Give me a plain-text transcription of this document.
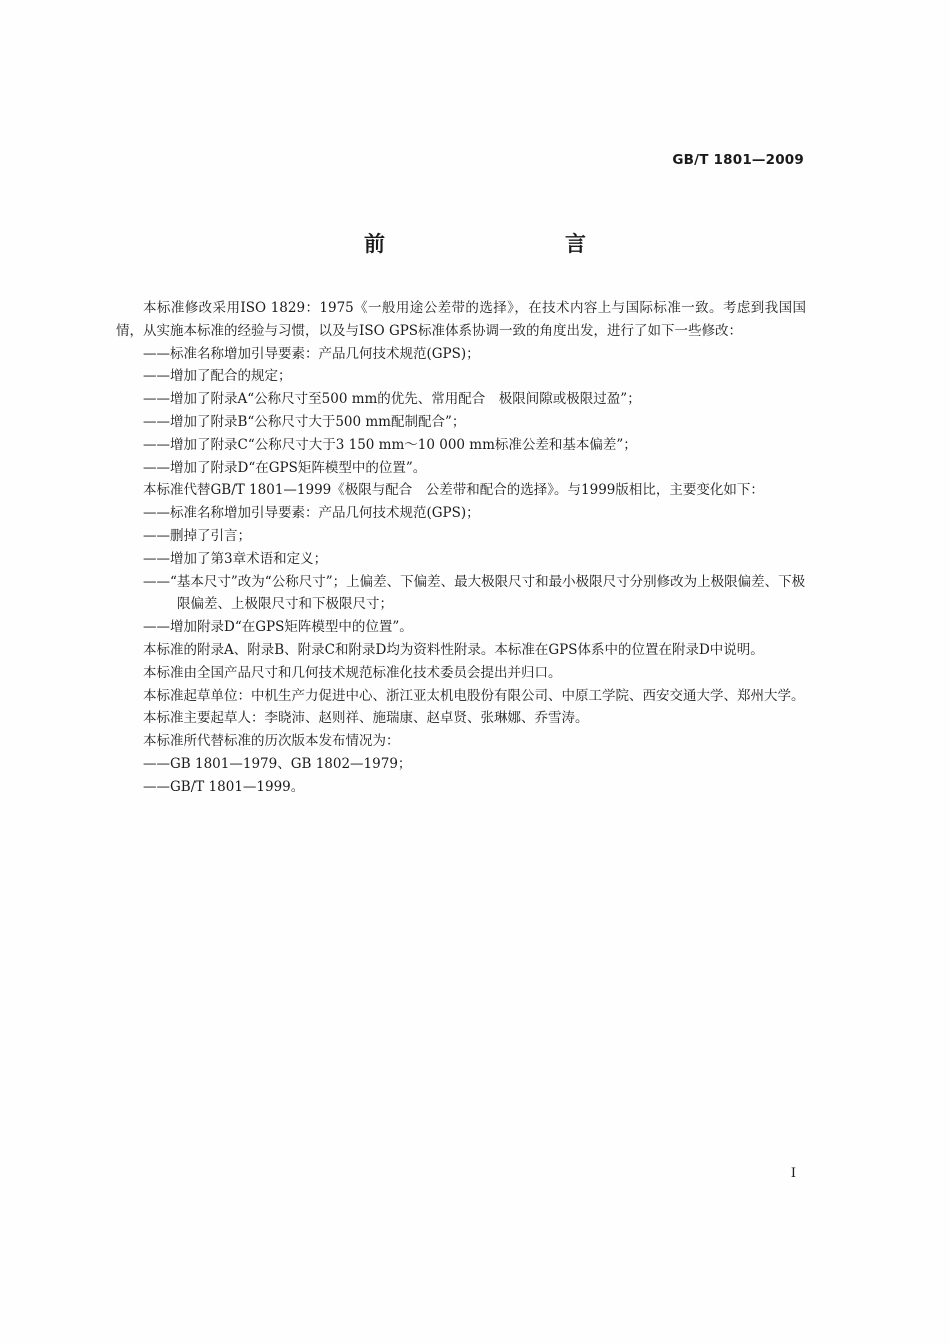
GB/T 1801—2009
前　　言

本标准修改采用ISO 1829：1975《一般用途公差带的选择》，在技术内容上与国际标准一致。考虑到我国国情，从实施本标准的经验与习惯，以及与ISO GPS标准体系协调一致的角度出发，进行了如下一些修改：

——标准名称增加引导要素：产品几何技术规范(GPS)；

——增加了配合的规定；

——增加了附录A“公称尺寸至500 mm的优先、常用配合　极限间隙或极限过盈”；

——增加了附录B“公称尺寸大于500 mm配制配合”；

——增加了附录C“公称尺寸大于3 150 mm～10 000 mm标准公差和基本偏差”；

——增加了附录D“在GPS矩阵模型中的位置”。

本标准代替GB/T 1801—1999《极限与配合　公差带和配合的选择》。与1999版相比，主要变化如下：

——标准名称增加引导要素：产品几何技术规范(GPS)；

——删掉了引言；

——增加了第3章术语和定义；

——“基本尺寸”改为“公称尺寸”；上偏差、下偏差、最大极限尺寸和最小极限尺寸分别修改为上极限偏差、下极限偏差、上极限尺寸和下极限尺寸；

——增加附录D“在GPS矩阵模型中的位置”。

本标准的附录A、附录B、附录C和附录D均为资料性附录。本标准在GPS体系中的位置在附录D中说明。

本标准由全国产品尺寸和几何技术规范标准化技术委员会提出并归口。

本标准起草单位：中机生产力促进中心、浙江亚太机电股份有限公司、中原工学院、西安交通大学、郑州大学。

本标准主要起草人：李晓沛、赵则祥、施瑞康、赵卓贤、张琳娜、乔雪涛。

本标准所代替标准的历次版本发布情况为：

——GB 1801—1979、GB 1802—1979；

——GB/T 1801—1999。

I
